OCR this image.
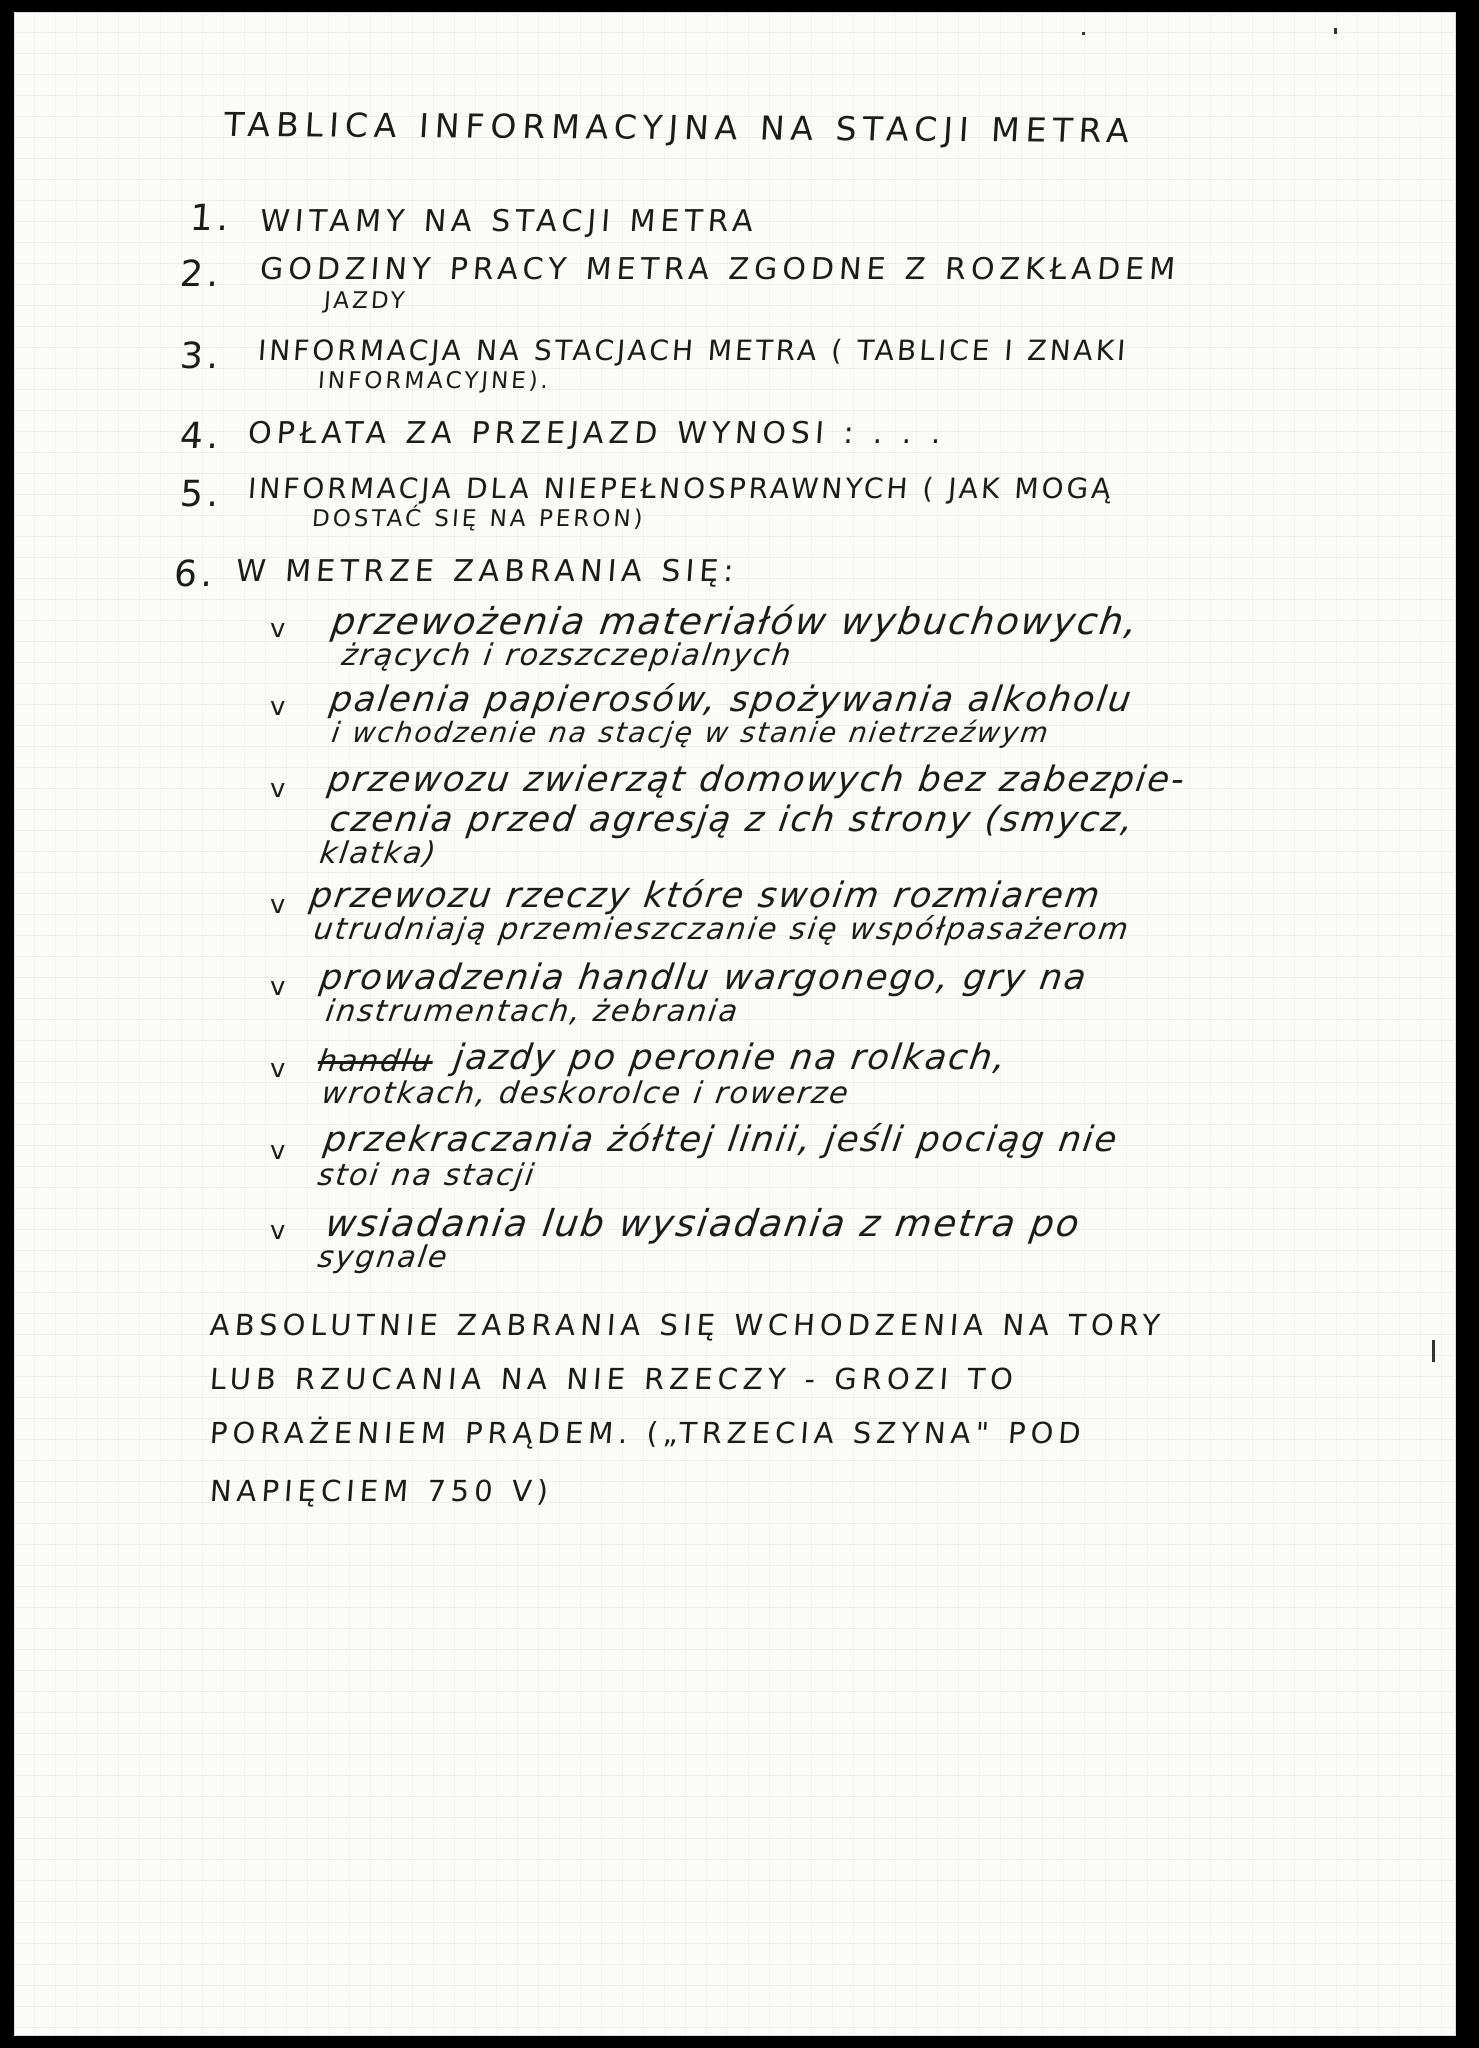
TABLICA INFORMACYJNA NA STACJI METRA
1. WITAMY NA STACJI METRA
2. GODZINY PRACY METRA ZGODNE Z ROZKŁADEM
JAZDY
3. INFORMACJA NA STACJACH METRA ( TABLICE I ZNAKI
INFORMACYJNE).
4. OPŁATA ZA PRZEJAZD WYNOSI : . . .
5. INFORMACJA DLA NIEPEŁNOSPRAWNYCH ( JAK MOGĄ
DOSTAĆ SIĘ NA PERON)
6. W METRZE ZABRANIA SIĘ:
v przewożenia materiałów wybuchowych,
żrących i rozszczepialnych
v palenia papierosów, spożywania alkoholu
i wchodzenie na stację w stanie nietrzeźwym
v przewozu zwierząt domowych bez zabezpie-
czenia przed agresją z ich strony (smycz,
klatka)
v przewozu rzeczy które swoim rozmiarem
utrudniają przemieszczanie się współpasażerom
v prowadzenia handlu wargonego, gry na
instrumentach, żebrania
v handlu jazdy po peronie na rolkach,
wrotkach, deskorolce i rowerze
v przekraczania żółtej linii, jeśli pociąg nie
stoi na stacji
v wsiadania lub wysiadania z metra po
sygnale
ABSOLUTNIE ZABRANIA SIĘ WCHODZENIA NA TORY
LUB RZUCANIA NA NIE RZECZY - GROZI TO
PORAŻENIEM PRĄDEM. („TRZECIA SZYNA" POD
NAPIĘCIEM 750 V)
